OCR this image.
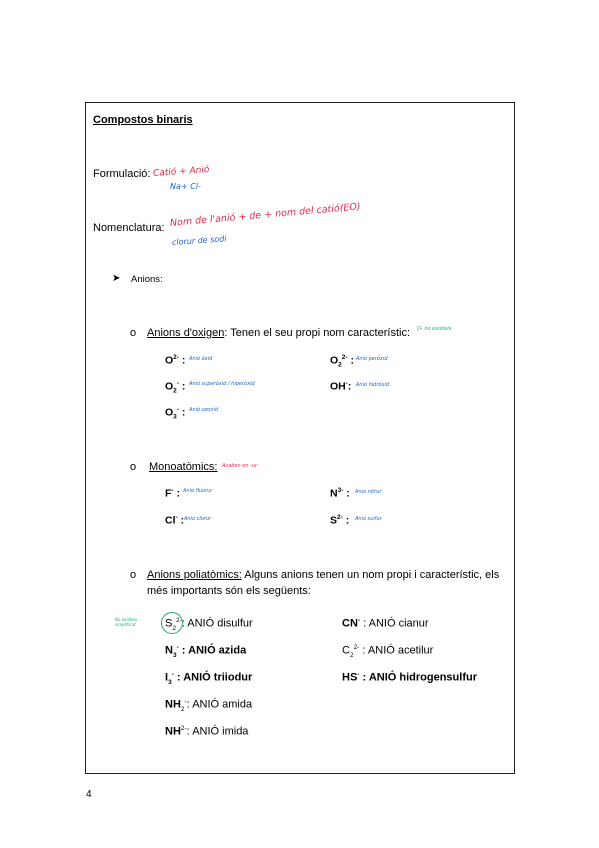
Compostos binaris
Formulació: Catió + Anió
Na+ Cl-
Nomenclatura: Nom de l'anió + de + nom del catió(EO)
clorur de sodi
➤ Anions:
o Anions d'oxigen: Tenen el seu propi nom característic: O- no existeix
$O^{2-}$ : Anió òxid	$O_2^{2-}$ : Anió peròxid
$O_2^-$ : Anió superòxid / hiperòxid	OH-: Anió hidròxid
$O_3^-$ : Anió ozonid
o Monoatòmics: Acaben en -ur
F- : Anió fluorur	$N^{3-}$ : Anió nitrur
Cl- : Anió clorur	$S^{2-}$ : Anió sulfur
o Anions poliatòmics: Alguns anions tenen un nom propi i característic, els
més importants són els següents:
No existeix
simplificat	$S_2^{2-}$: ANIÓ disulfur	CN- : ANIÓ cianur
$N_3^-$ : ANIÓ azida	$C_2^{2-}$ : ANIÓ acetilur
$I_3^-$ : ANIÓ triiodur	HS- : ANIÓ hidrogensulfur
$NH_2^-$: ANIÓ amida
$NH^{2-}$: ANIÓ imida
4
